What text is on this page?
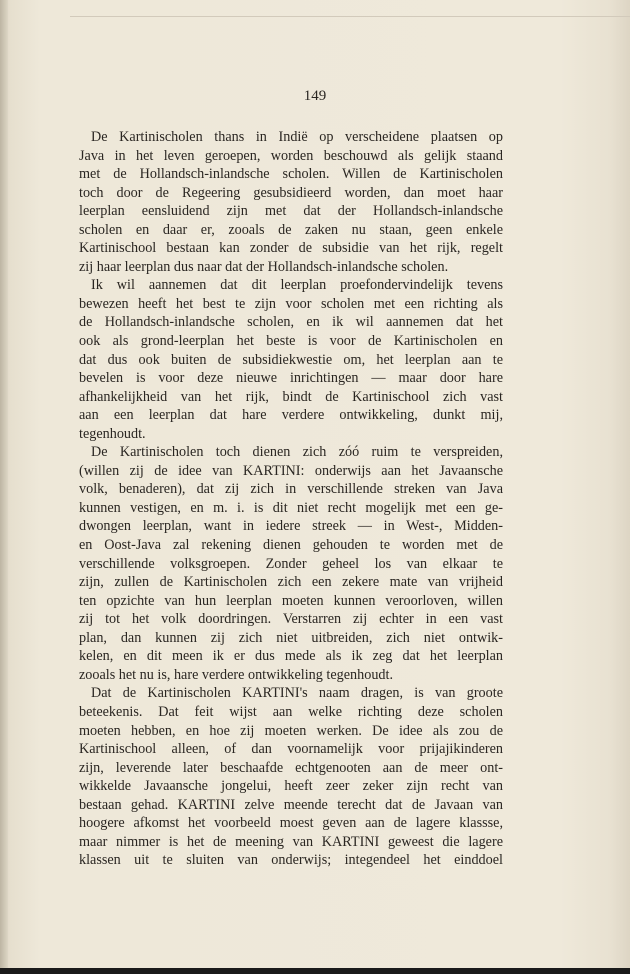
149
De Kartinischolen thans in Indië op verscheidene plaatsen op
Java in het leven geroepen, worden beschouwd als gelijk staand
met de Hollandsch-inlandsche scholen. Willen de Kartinischolen
toch door de Regeering gesubsidieerd worden, dan moet haar
leerplan eensluidend zijn met dat der Hollandsch-inlandsche
scholen en daar er, zooals de zaken nu staan, geen enkele
Kartinischool bestaan kan zonder de subsidie van het rijk, regelt
zij haar leerplan dus naar dat der Hollandsch-inlandsche scholen.
Ik wil aannemen dat dit leerplan proefondervindelijk tevens
bewezen heeft het best te zijn voor scholen met een richting als
de Hollandsch-inlandsche scholen, en ik wil aannemen dat het
ook als grond-leerplan het beste is voor de Kartinischolen en
dat dus ook buiten de subsidiekwestie om, het leerplan aan te
bevelen is voor deze nieuwe inrichtingen — maar door hare
afhankelijkheid van het rijk, bindt de Kartinischool zich vast
aan een leerplan dat hare verdere ontwikkeling, dunkt mij,
tegenhoudt.
De Kartinischolen toch dienen zich zóó ruim te verspreiden,
(willen zij de idee van KARTINI: onderwijs aan het Javaansche
volk, benaderen), dat zij zich in verschillende streken van Java
kunnen vestigen, en m. i. is dit niet recht mogelijk met een ge-
dwongen leerplan, want in iedere streek — in West-, Midden-
en Oost-Java zal rekening dienen gehouden te worden met de
verschillende volksgroepen. Zonder geheel los van elkaar te
zijn, zullen de Kartinischolen zich een zekere mate van vrijheid
ten opzichte van hun leerplan moeten kunnen veroorloven, willen
zij tot het volk doordringen. Verstarren zij echter in een vast
plan, dan kunnen zij zich niet uitbreiden, zich niet ontwik-
kelen, en dit meen ik er dus mede als ik zeg dat het leerplan
zooals het nu is, hare verdere ontwikkeling tegenhoudt.
Dat de Kartinischolen KARTINI's naam dragen, is van groote
beteekenis. Dat feit wijst aan welke richting deze scholen
moeten hebben, en hoe zij moeten werken. De idee als zou de
Kartinischool alleen, of dan voornamelijk voor prijajikinderen
zijn, leverende later beschaafde echtgenooten aan de meer ont-
wikkelde Javaansche jongelui, heeft zeer zeker zijn recht van
bestaan gehad. KARTINI zelve meende terecht dat de Javaan van
hoogere afkomst het voorbeeld moest geven aan de lagere klassse,
maar nimmer is het de meening van KARTINI geweest die lagere
klassen uit te sluiten van onderwijs; integendeel het einddoel
